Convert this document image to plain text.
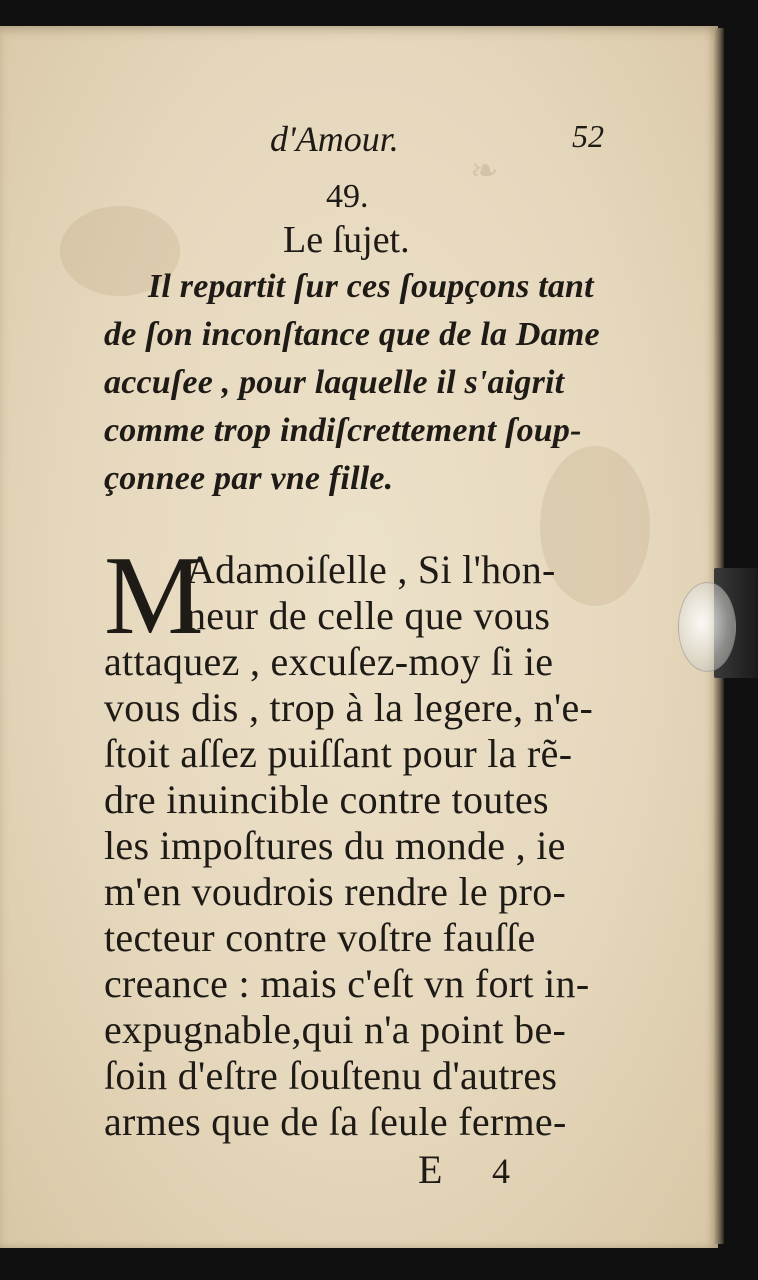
❧
d'Amour.	52
49.
Le ſujet.
Il repartit ſur ces ſoupçons tant
de ſon inconſtance que de la Dame
accuſee , pour laquelle il s'aigrit
comme trop indiſcrettement ſoup-
çonnee par vne fille.
M
Adamoiſelle , Si l'hon-
neur de celle que vous
attaquez , excuſez-moy ſi ie
vous dis , trop à la legere, n'e-
ſtoit aſſez puiſſant pour la rẽ-
dre inuincible contre toutes
les impoſtures du monde , ie
m'en voudrois rendre le pro-
tecteur contre voſtre fauſſe
creance : mais c'eſt vn fort in-
expugnable,qui n'a point be-
ſoin d'eſtre ſouſtenu d'autres
armes que de ſa ſeule ferme-
E 4
